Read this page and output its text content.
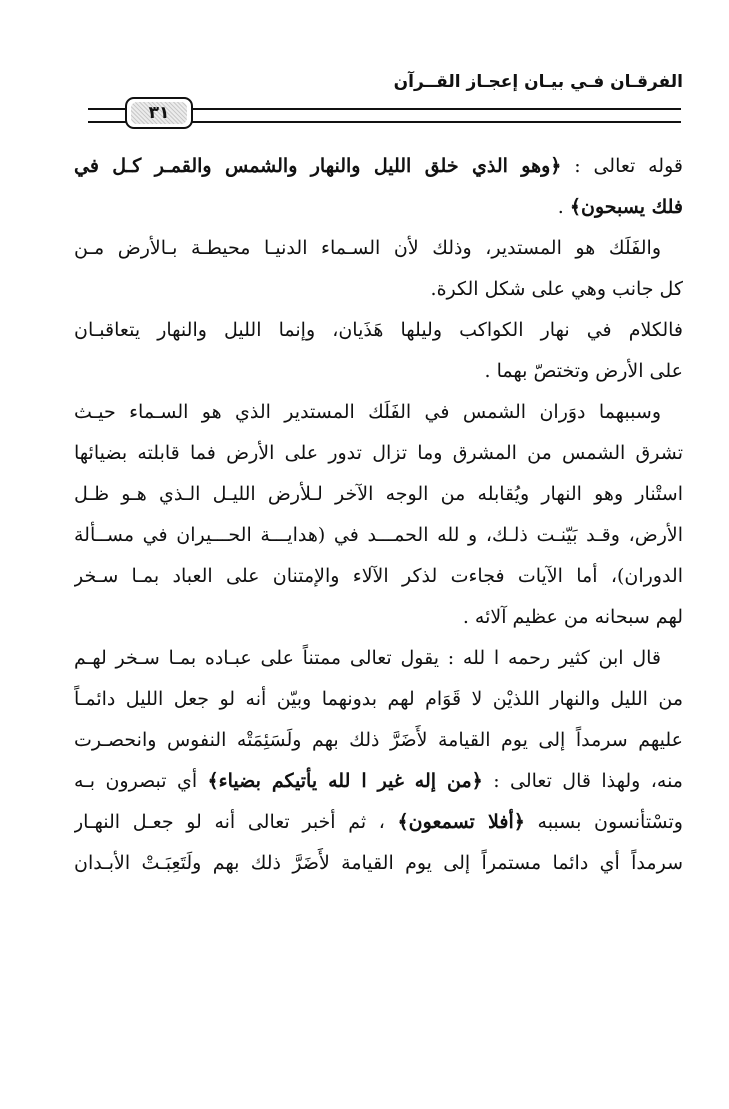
الفرقـان فـي بيـان إعجـاز القــرآن
٣١
قوله تعالى : ﴿وهو الذي خلق الليل والنهار والشمس والقمـر كـل في
فلك يسبحون﴾ .
والفَلَك هو المستدير، وذلك لأن السـماء الدنيـا محيطـة بـالأرض مـن
كل جانب وهي على شكل الكرة.
فالكلام في نهار الكواكب وليلها هَذَيان، وإنما الليل والنهار يتعاقبـان
على الأرض وتختصّ بهما .
وسببهما دوَران الشمس في الفَلَك المستدير الذي هو السـماء حيـث
تشرق الشمس من المشرق وما تزال تدور على الأرض فما قابلته بضيائها
استْنار وهو النهار ويُقابله من الوجه الآخر لـلأرض الليـل الـذي هـو ظـل
الأرض، وقـد بَيّنـت ذلـك، و لله الحمـــد في (هدايـــة الحـــيران في مســألة
الدوران)، أما الآيات فجاءت لذكر الآلاء والإمتنان على العباد بمـا سـخر
لهم سبحانه من عظيم آلائه .
قال ابن كثير رحمه ا لله : يقول تعالى ممتناً على عبـاده بمـا سـخر لهـم
من الليل والنهار اللذيْن لا قَوَام لهم بدونهما وبيّن أنه لو جعل الليل دائمـاً
عليهم سرمداً إلى يوم القيامة لأَضَرَّ ذلك بهم ولَسَئِمَتْه النفوس وانحصـرت
منه، ولهذا قال تعالى : ﴿من إله غير ا لله يأتيكم بضياء﴾ أي تبصرون بـه
وتسْتأنسون بسببه ﴿أفلا تسمعون﴾ ، ثم أخبر تعالى أنه لو جعـل النهـار
سرمداً أي دائما مستمراً إلى يوم القيامة لأَضَرَّ ذلك بهم ولَتَعِبَـتْ الأبـدان
